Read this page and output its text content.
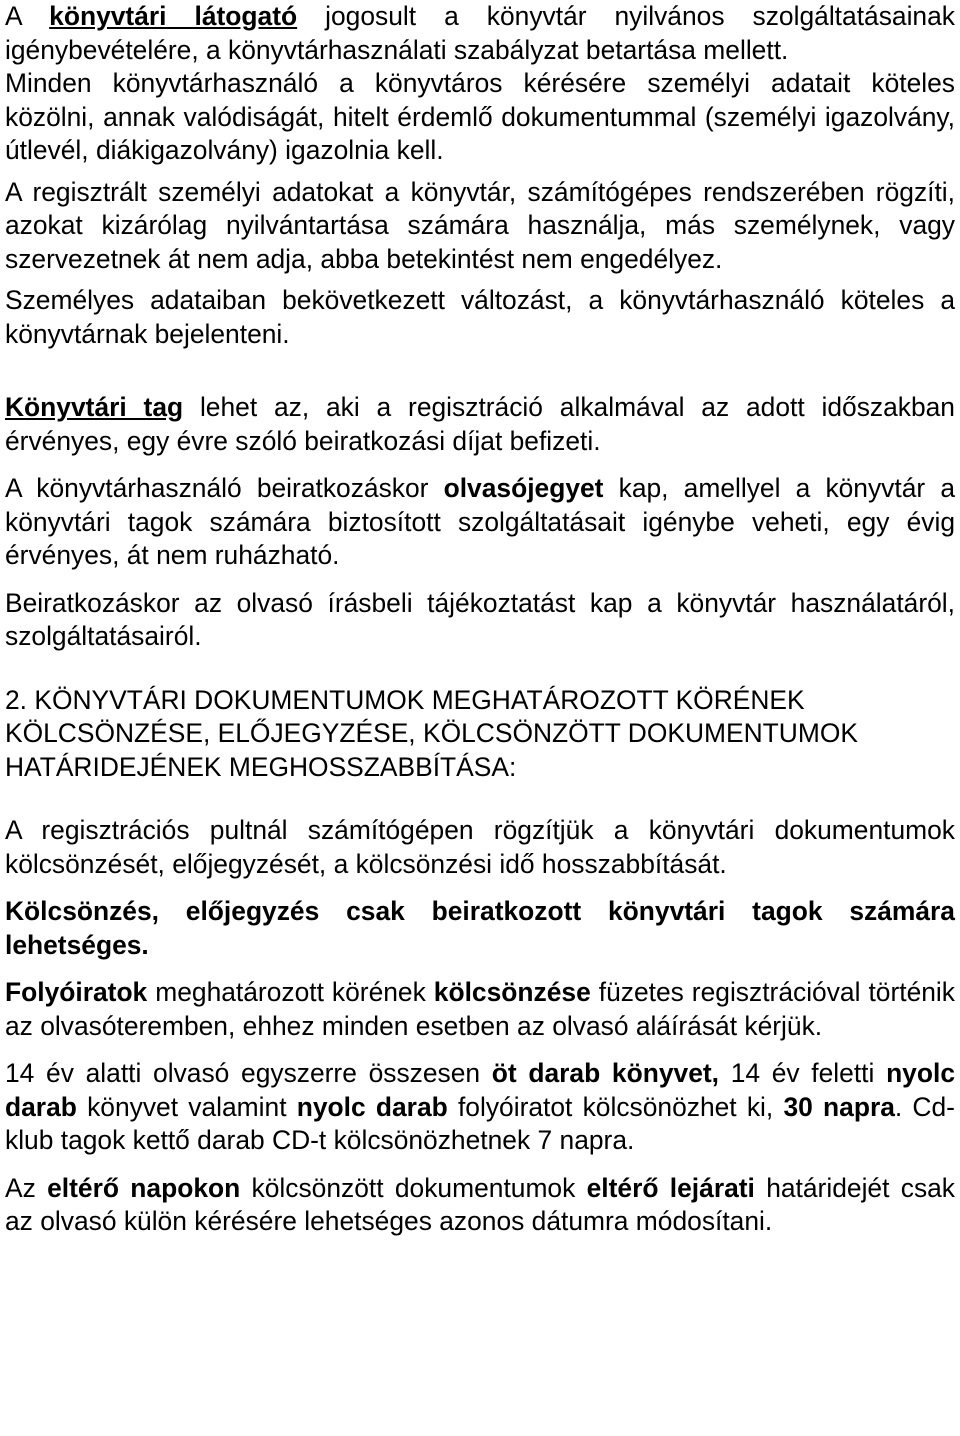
A könyvtári látogató jogosult a könyvtár nyilvános szolgáltatásainak igénybevételére, a könyvtárhasználati szabályzat betartása mellett.

Minden könyvtárhasználó a könyvtáros kérésére személyi adatait köteles közölni, annak valódiságát, hitelt érdemlő dokumentummal (személyi igazolvány, útlevél, diákigazolvány) igazolnia kell.

A regisztrált személyi adatokat a könyvtár, számítógépes rendszerében rögzíti, azokat kizárólag nyilvántartása számára használja, más személynek, vagy szervezetnek át nem adja, abba betekintést nem engedélyez.

Személyes adataiban bekövetkezett változást, a könyvtárhasználó köteles a könyvtárnak bejelenteni.

Könyvtári tag lehet az, aki a regisztráció alkalmával az adott időszakban érvényes, egy évre szóló beiratkozási díjat befizeti.

A könyvtárhasználó beiratkozáskor olvasójegyet kap, amellyel a könyvtár a könyvtári tagok számára biztosított szolgáltatásait igénybe veheti, egy évig érvényes, át nem ruházható.

Beiratkozáskor az olvasó írásbeli tájékoztatást kap a könyvtár használatáról, szolgáltatásairól.

2. KÖNYVTÁRI DOKUMENTUMOK MEGHATÁROZOTT KÖRÉNEK KÖLCSÖNZÉSE, ELŐJEGYZÉSE, KÖLCSÖNZÖTT DOKUMENTUMOK HATÁRIDEJÉNEK MEGHOSSZABBÍTÁSA:

A regisztrációs pultnál számítógépen rögzítjük a könyvtári dokumentumok kölcsönzését, előjegyzését, a kölcsönzési idő hosszabbítását.

Kölcsönzés, előjegyzés csak beiratkozott könyvtári tagok számára lehetséges.

Folyóiratok meghatározott körének kölcsönzése füzetes regisztrációval történik az olvasóteremben, ehhez minden esetben az olvasó aláírását kérjük.

14 év alatti olvasó egyszerre összesen öt darab könyvet, 14 év feletti nyolc darab könyvet valamint nyolc darab folyóiratot kölcsönözhet ki, 30 napra. Cd-klub tagok kettő darab CD-t kölcsönözhetnek 7 napra.

Az eltérő napokon kölcsönzött dokumentumok eltérő lejárati határidejét csak az olvasó külön kérésére lehetséges azonos dátumra módosítani.
